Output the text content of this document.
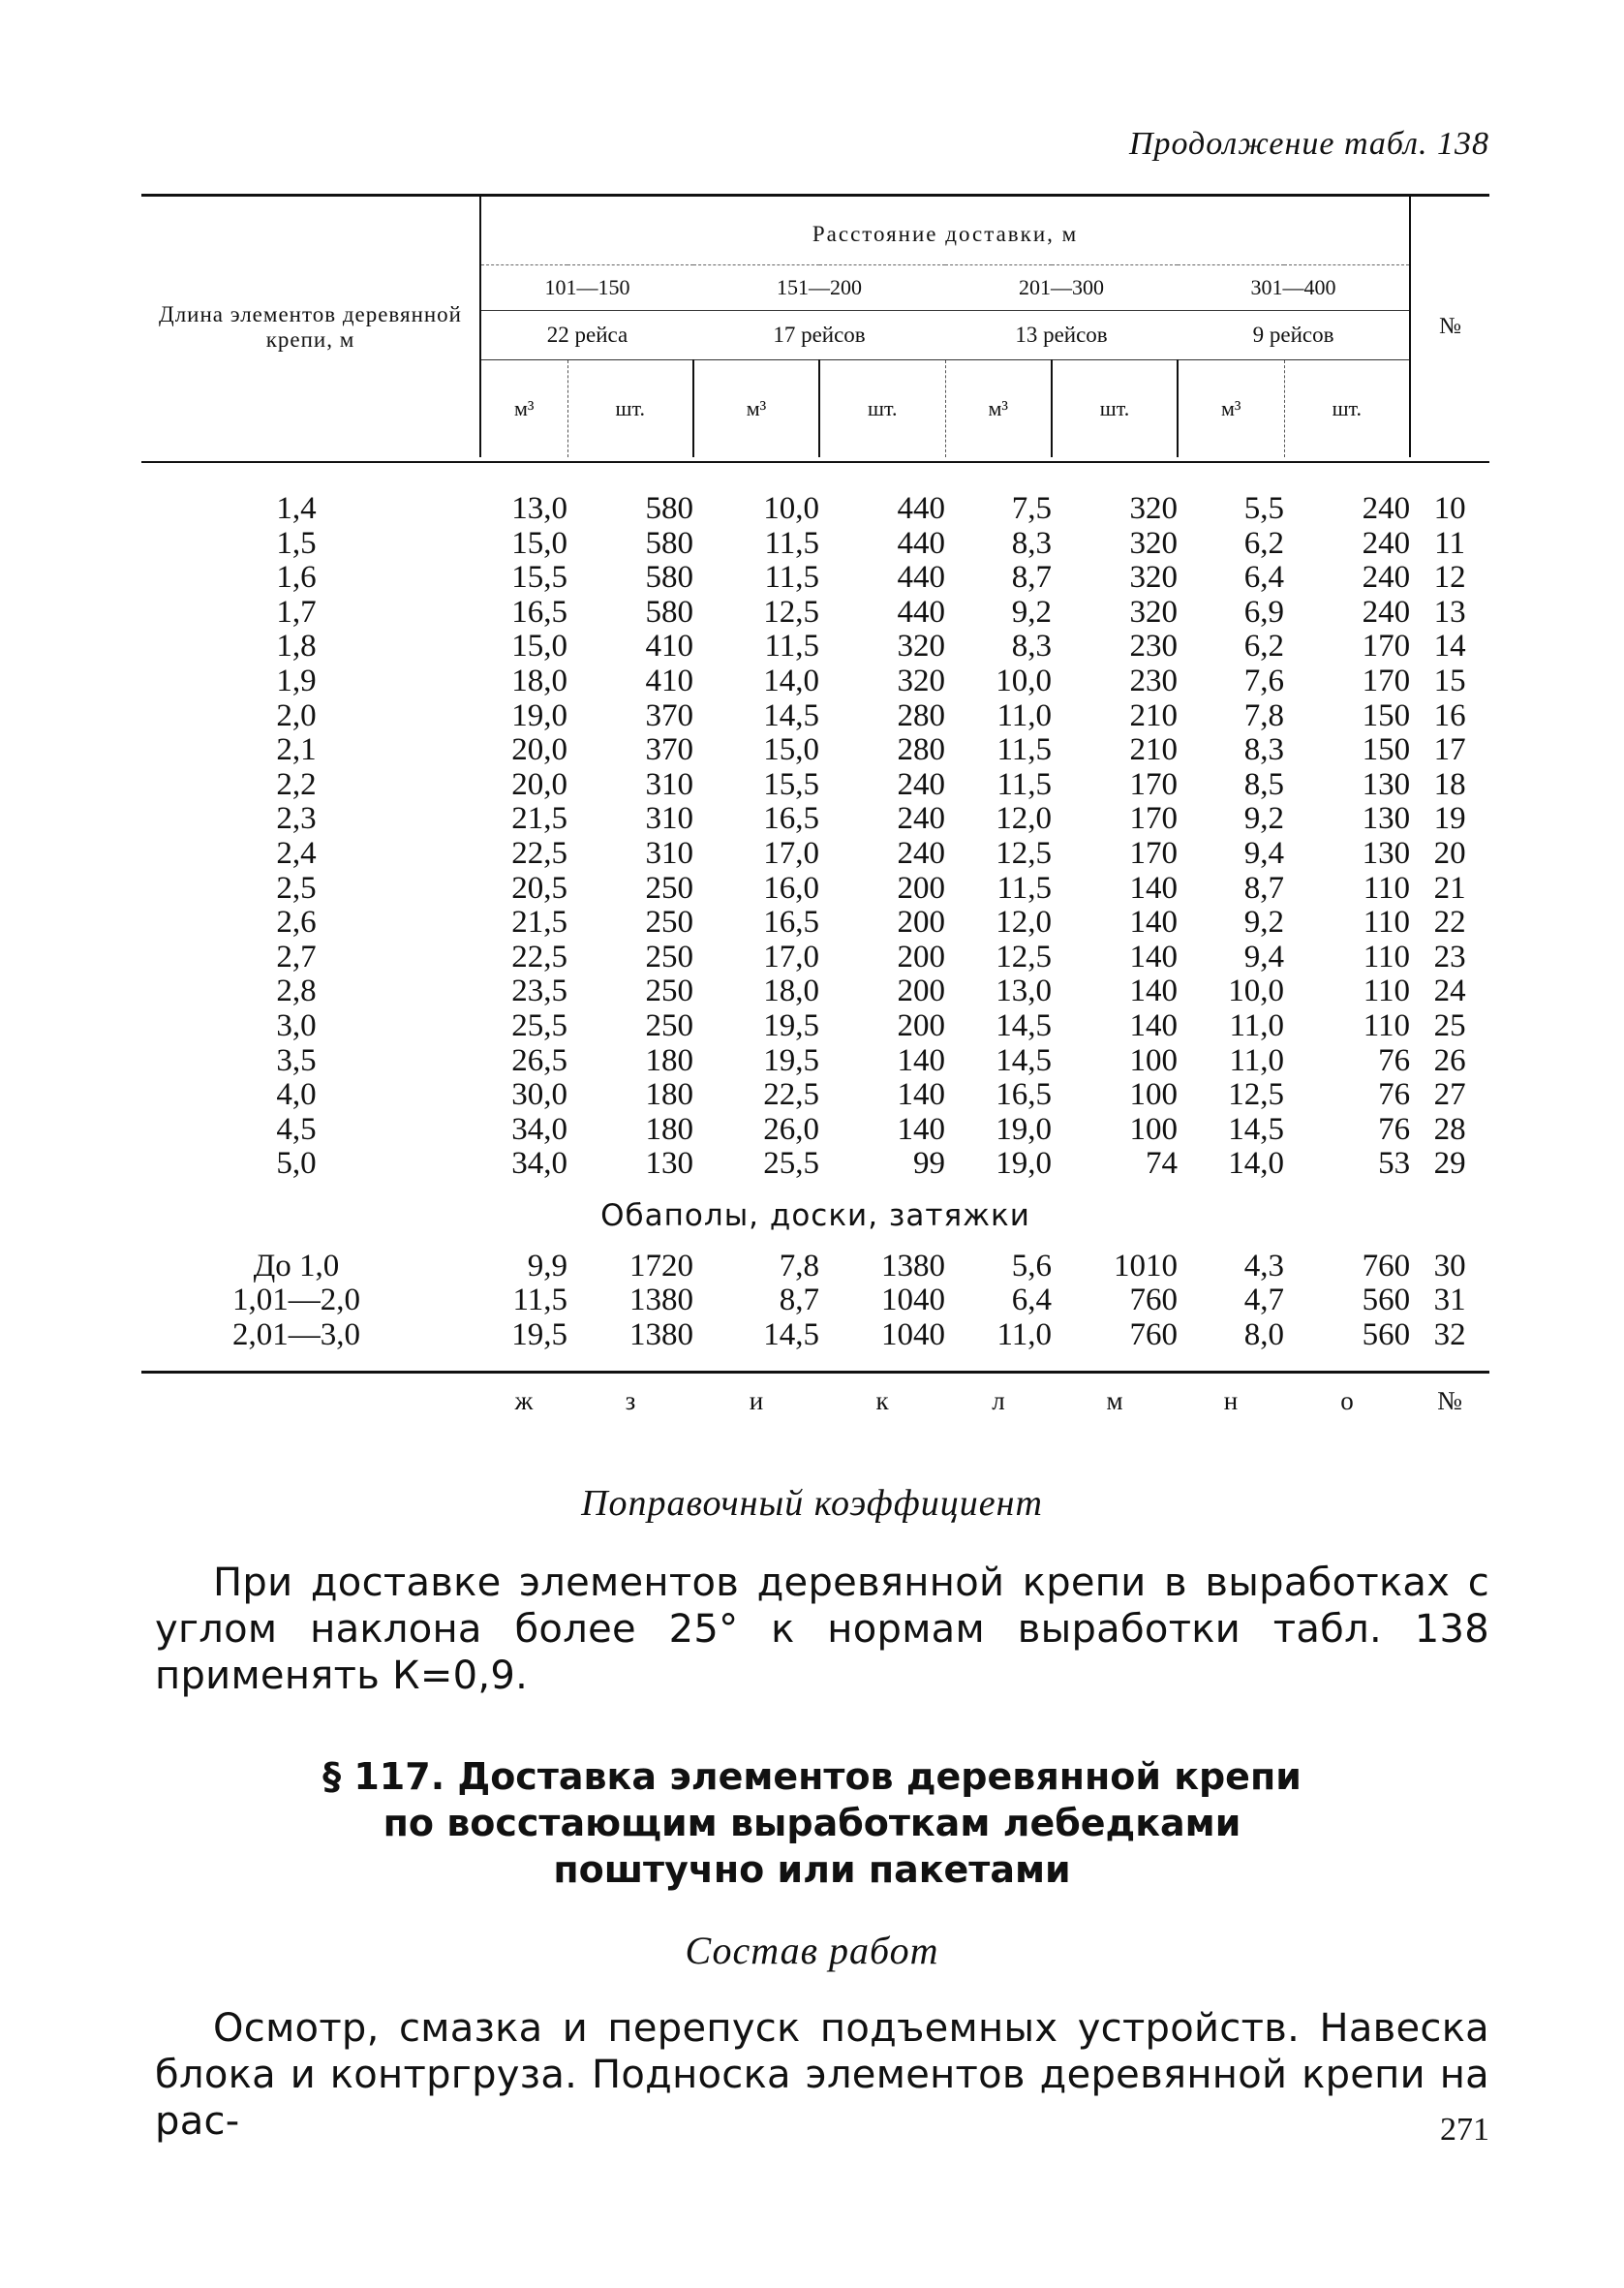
Продолжение табл. 138
Длина элементов деревянной крепи, м	Расстояние доставки, м								№
	101—150		151—200		201—300		301—400		
	22 рейса		17 рейсов		13 рейсов		9 рейсов		
	м³	шт.	м³	шт.	м³	шт.	м³	шт.	

1,4	13,0	580	10,0	440	7,5	320	5,5	240	10
1,5	15,0	580	11,5	440	8,3	320	6,2	240	11
1,6	15,5	580	11,5	440	8,7	320	6,4	240	12
1,7	16,5	580	12,5	440	9,2	320	6,9	240	13
1,8	15,0	410	11,5	320	8,3	230	6,2	170	14
1,9	18,0	410	14,0	320	10,0	230	7,6	170	15
2,0	19,0	370	14,5	280	11,0	210	7,8	150	16
2,1	20,0	370	15,0	280	11,5	210	8,3	150	17
2,2	20,0	310	15,5	240	11,5	170	8,5	130	18
2,3	21,5	310	16,5	240	12,0	170	9,2	130	19
2,4	22,5	310	17,0	240	12,5	170	9,4	130	20
2,5	20,5	250	16,0	200	11,5	140	8,7	110	21
2,6	21,5	250	16,5	200	12,0	140	9,2	110	22
2,7	22,5	250	17,0	200	12,5	140	9,4	110	23
2,8	23,5	250	18,0	200	13,0	140	10,0	110	24
3,0	25,5	250	19,5	200	14,5	140	11,0	110	25
3,5	26,5	180	19,5	140	14,5	100	11,0	76	26
4,0	30,0	180	22,5	140	16,5	100	12,5	76	27
4,5	34,0	180	26,0	140	19,0	100	14,5	76	28
5,0	34,0	130	25,5	99	19,0	74	14,0	53	29
Обаполы, доски, затяжки									
До 1,0	9,9	1720	7,8	1380	5,6	1010	4,3	760	30
1,01—2,0	11,5	1380	8,7	1040	6,4	760	4,7	560	31
2,01—3,0	19,5	1380	14,5	1040	11,0	760	8,0	560	32

	ж	з	и	к	л	м	н	о	№
Поправочный коэффициент
При доставке элементов деревянной крепи в выработках с углом наклона более 25° к нормам выработки табл. 138 применять К=0,9.
§ 117. Доставка элементов деревянной крепи
по восстающим выработкам лебедками
поштучно или пакетами
Состав работ
Осмотр, смазка и перепуск подъемных устройств. Навеска блока и контргруза. Подноска элементов деревянной крепи на рас-	271
